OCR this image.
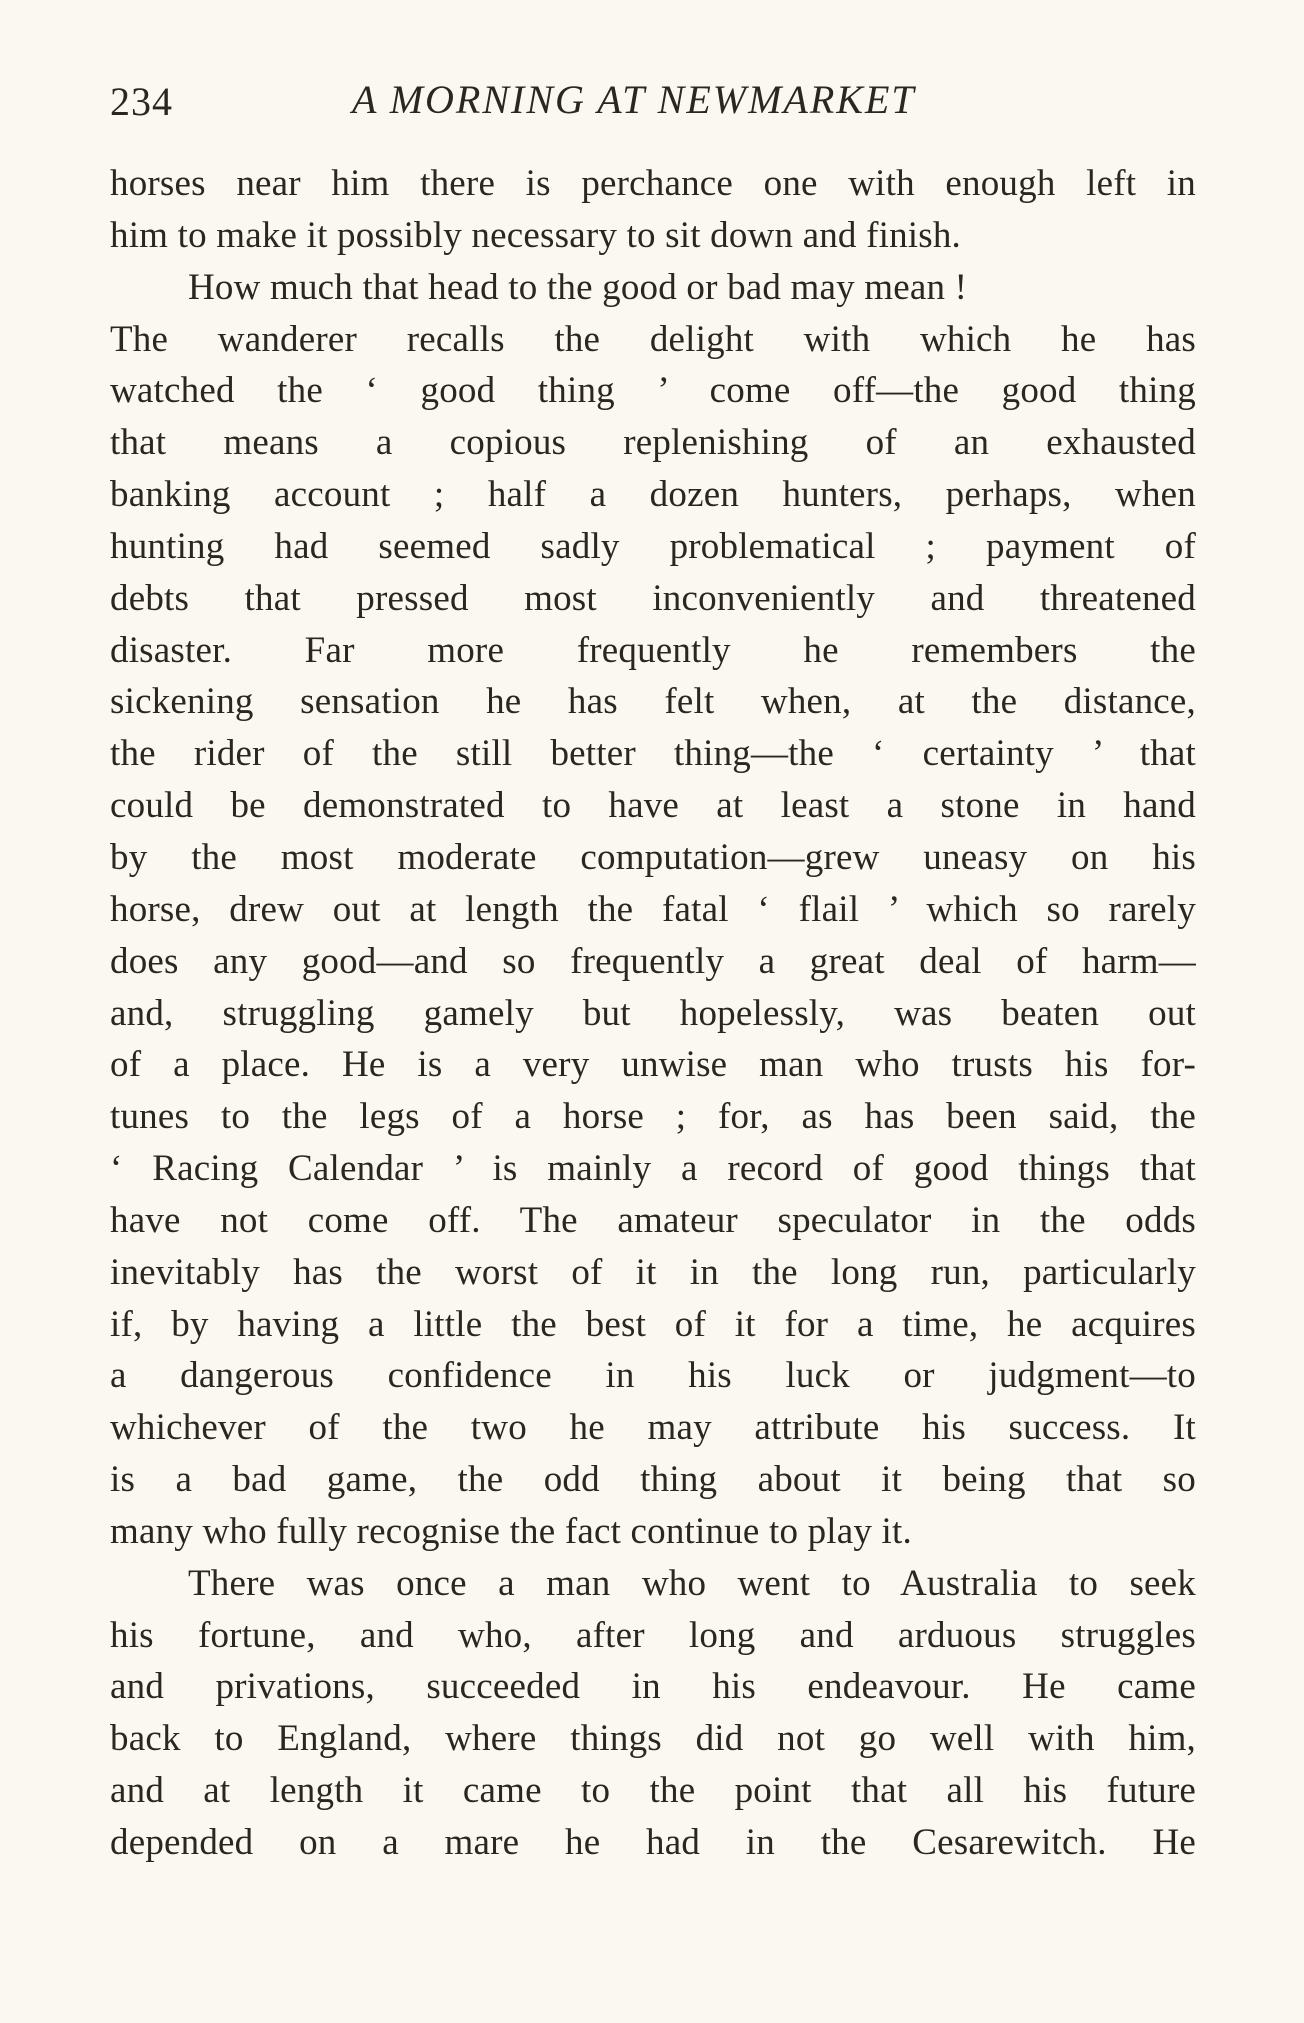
234	A MORNING AT NEWMARKET
horses near him there is perchance one with enough left in
him to make it possibly necessary to sit down and finish.
How much that head to the good or bad may mean !
The wanderer recalls the delight with which he has
watched the ‘ good thing ’ come off—the good thing
that means a copious replenishing of an exhausted
banking account ; half a dozen hunters, perhaps, when
hunting had seemed sadly problematical ; payment of
debts that pressed most inconveniently and threatened
disaster. Far more frequently he remembers the
sickening sensation he has felt when, at the distance,
the rider of the still better thing—the ‘ certainty ’ that
could be demonstrated to have at least a stone in hand
by the most moderate computation—grew uneasy on his
horse, drew out at length the fatal ‘ flail ’ which so rarely
does any good—and so frequently a great deal of harm—
and, struggling gamely but hopelessly, was beaten out
of a place. He is a very unwise man who trusts his for-
tunes to the legs of a horse ; for, as has been said, the
‘ Racing Calendar ’ is mainly a record of good things that
have not come off. The amateur speculator in the odds
inevitably has the worst of it in the long run, particularly
if, by having a little the best of it for a time, he acquires
a dangerous confidence in his luck or judgment—to
whichever of the two he may attribute his success. It
is a bad game, the odd thing about it being that so
many who fully recognise the fact continue to play it.
There was once a man who went to Australia to seek
his fortune, and who, after long and arduous struggles
and privations, succeeded in his endeavour. He came
back to England, where things did not go well with him,
and at length it came to the point that all his future
depended on a mare he had in the Cesarewitch. He
